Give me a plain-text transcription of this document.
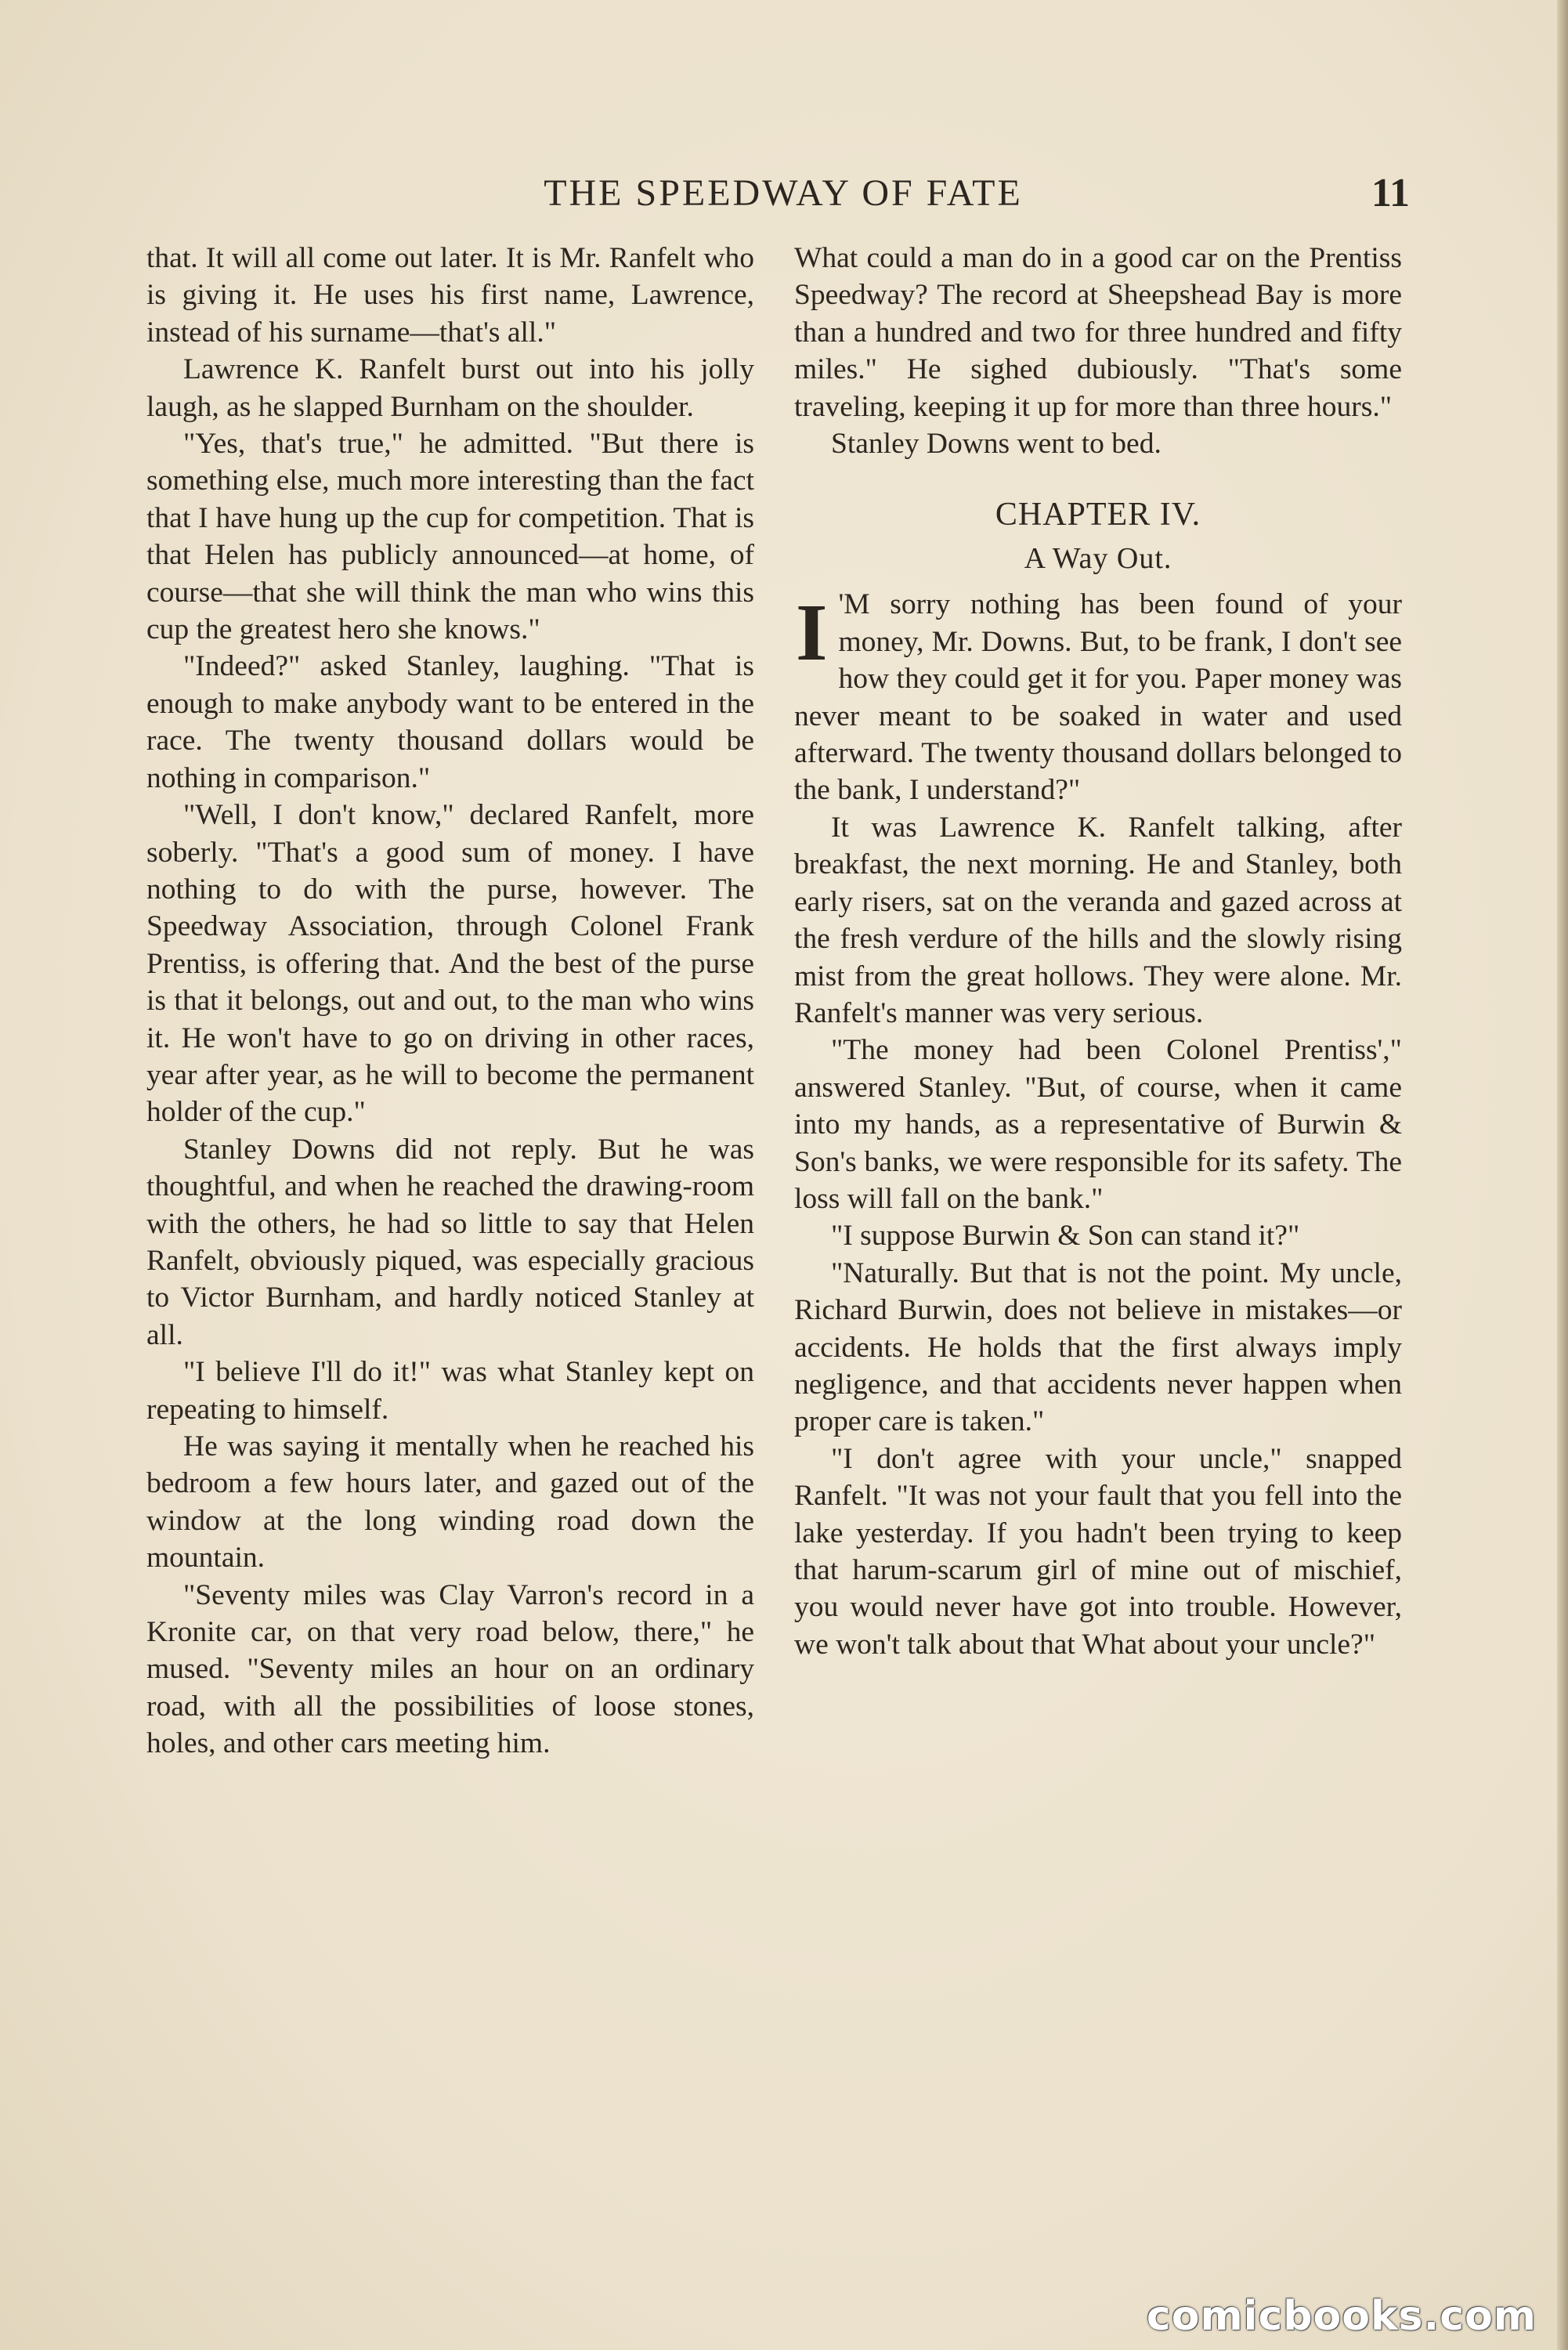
THE SPEEDWAY OF FATE	11

that. It will all come out later. It is Mr. Ranfelt who is giving it. He uses his first name, Lawrence, instead of his surname—that's all."

Lawrence K. Ranfelt burst out into his jolly laugh, as he slapped Burnham on the shoulder.

"Yes, that's true," he admitted. "But there is something else, much more interesting than the fact that I have hung up the cup for competition. That is that Helen has publicly announced—at home, of course—that she will think the man who wins this cup the greatest hero she knows."

"Indeed?" asked Stanley, laughing. "That is enough to make anybody want to be entered in the race. The twenty thousand dollars would be nothing in comparison."

"Well, I don't know," declared Ranfelt, more soberly. "That's a good sum of money. I have nothing to do with the purse, however. The Speedway Association, through Colonel Frank Prentiss, is offering that. And the best of the purse is that it belongs, out and out, to the man who wins it. He won't have to go on driving in other races, year after year, as he will to become the permanent holder of the cup."

Stanley Downs did not reply. But he was thoughtful, and when he reached the drawing-room with the others, he had so little to say that Helen Ranfelt, obviously piqued, was especially gracious to Victor Burnham, and hardly noticed Stanley at all.

"I believe I'll do it!" was what Stanley kept on repeating to himself.

He was saying it mentally when he reached his bedroom a few hours later, and gazed out of the window at the long winding road down the mountain.

"Seventy miles was Clay Varron's record in a Kronite car, on that very road below, there," he mused. "Seventy miles an hour on an ordinary road, with all the possibilities of loose stones, holes, and other cars meeting him.

What could a man do in a good car on the Prentiss Speedway? The record at Sheepshead Bay is more than a hundred and two for three hundred and fifty miles." He sighed dubiously. "That's some traveling, keeping it up for more than three hours."

Stanley Downs went to bed.

CHAPTER IV.
A Way Out.

I 'M sorry nothing has been found of your money, Mr. Downs. But, to be frank, I don't see how they could get it for you. Paper money was never meant to be soaked in water and used afterward. The twenty thousand dollars belonged to the bank, I understand?"

It was Lawrence K. Ranfelt talking, after breakfast, the next morning. He and Stanley, both early risers, sat on the veranda and gazed across at the fresh verdure of the hills and the slowly rising mist from the great hollows. They were alone. Mr. Ranfelt's manner was very serious.

"The money had been Colonel Prentiss'," answered Stanley. "But, of course, when it came into my hands, as a representative of Burwin & Son's banks, we were responsible for its safety. The loss will fall on the bank."

"I suppose Burwin & Son can stand it?"

"Naturally. But that is not the point. My uncle, Richard Burwin, does not believe in mistakes—or accidents. He holds that the first always imply negligence, and that accidents never happen when proper care is taken."

"I don't agree with your uncle," snapped Ranfelt. "It was not your fault that you fell into the lake yesterday. If you hadn't been trying to keep that harum-scarum girl of mine out of mischief, you would never have got into trouble. However, we won't talk about that What about your uncle?"

comicbooks.com
